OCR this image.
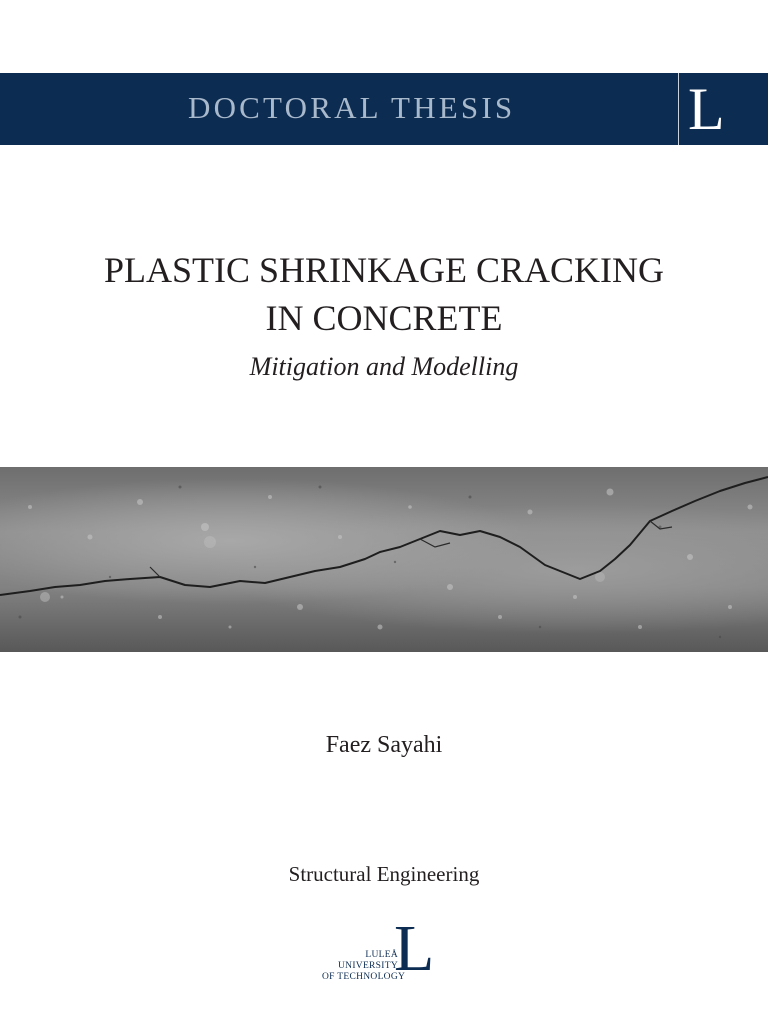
DOCTORAL THESIS	L
PLASTIC SHRINKAGE CRACKING
IN CONCRETE
Mitigation and Modelling
Faez Sayahi
Structural Engineering
L
LULEÅ
UNIVERSITY
OF TECHNOLOGY
